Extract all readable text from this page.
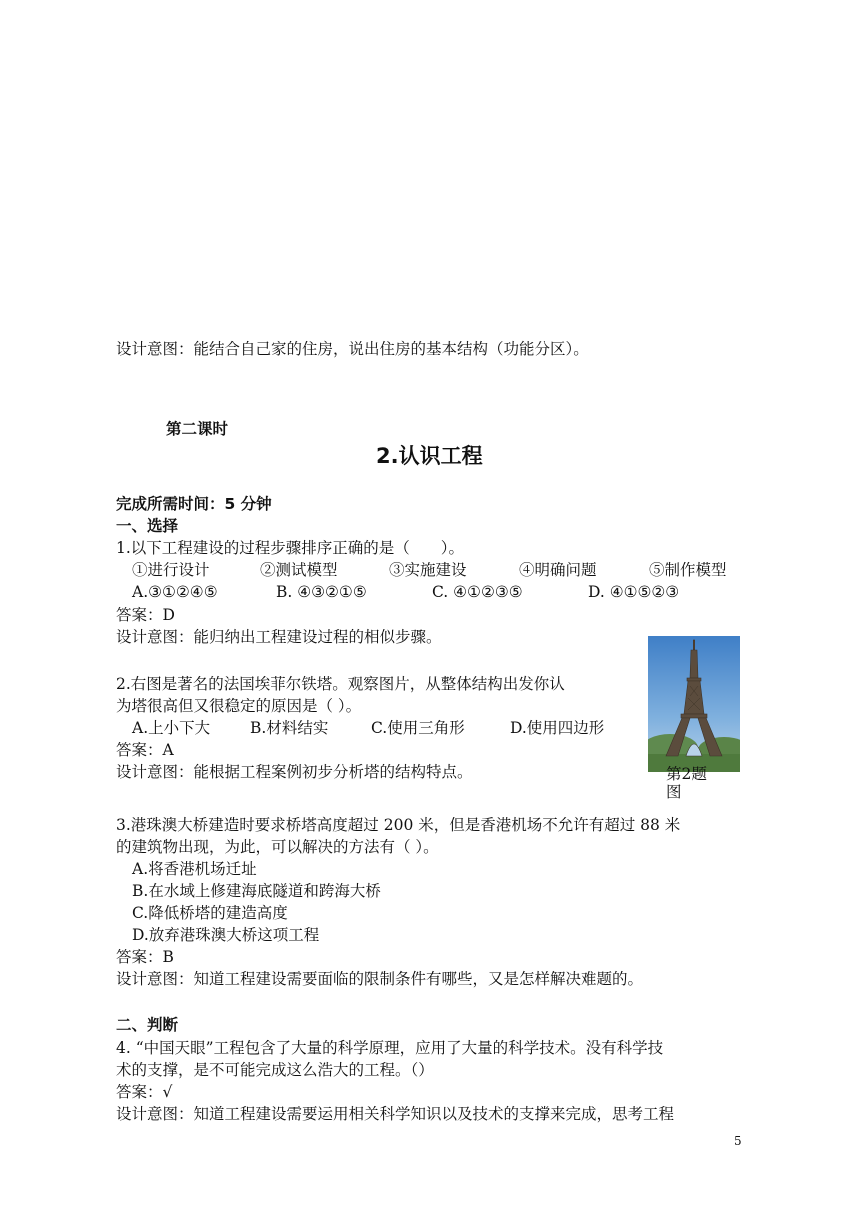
设计意图：能结合自己家的住房，说出住房的基本结构（功能分区）。
第二课时
2.认识工程
完成所需时间：5 分钟
一、选择
1.以下工程建设的过程步骤排序正确的是（　　）。
①进行设计	②测试模型	③实施建设	④明确问题	⑤制作模型
A.③①②④⑤	B. ④③②①⑤	C. ④①②③⑤	D. ④①⑤②③
答案：D
设计意图：能归纳出工程建设过程的相似步骤。
第2题
图
2.右图是著名的法国埃菲尔铁塔。观察图片，从整体结构出发你认
为塔很高但又很稳定的原因是（ ）。
A.上小下大	B.材料结实	C.使用三角形	D.使用四边形
答案：A
设计意图：能根据工程案例初步分析塔的结构特点。
3.港珠澳大桥建造时要求桥塔高度超过 200 米，但是香港机场不允许有超过 88 米
的建筑物出现，为此，可以解决的方法有（ ）。
A.将香港机场迁址
B.在水域上修建海底隧道和跨海大桥
C.降低桥塔的建造高度
D.放弃港珠澳大桥这项工程
答案：B
设计意图：知道工程建设需要面临的限制条件有哪些，又是怎样解决难题的。
二、判断
4. “中国天眼”工程包含了大量的科学原理，应用了大量的科学技术。没有科学技
术的支撑，是不可能完成这么浩大的工程。（）
答案：√
设计意图：知道工程建设需要运用相关科学知识以及技术的支撑来完成，思考工程
5
